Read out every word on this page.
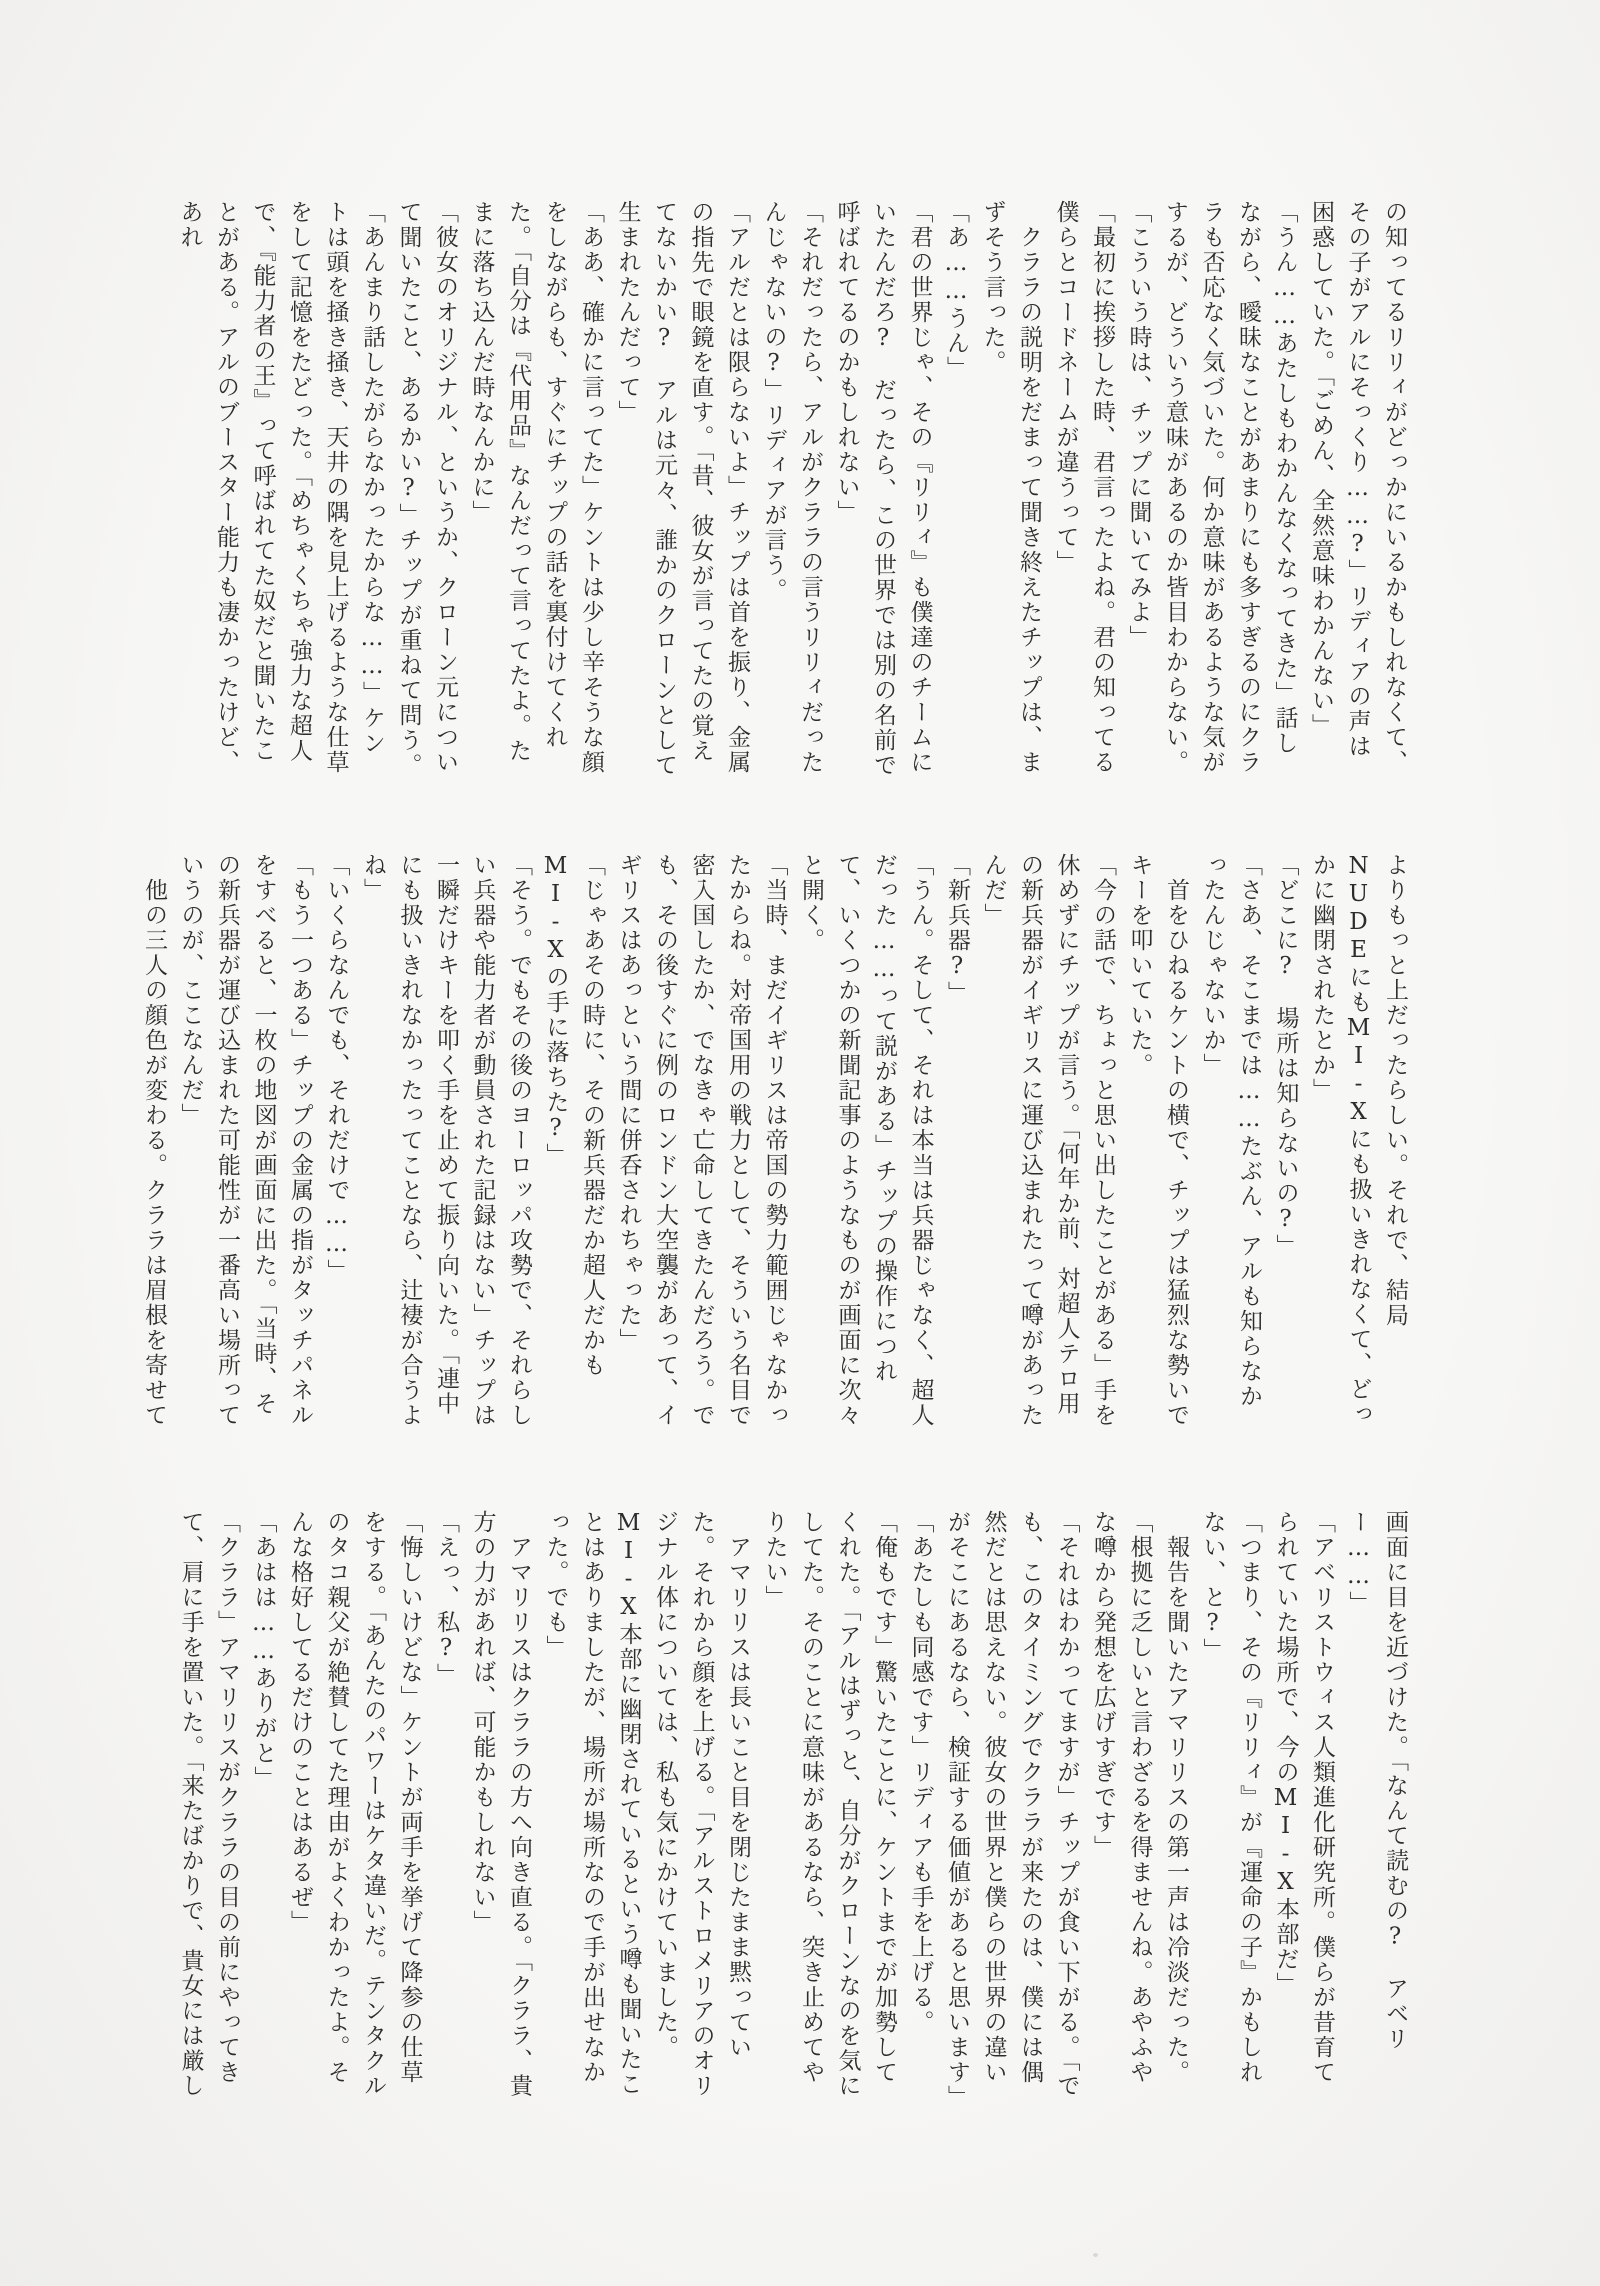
の知ってるリリィがどっかにいるかもしれなくて、その子がアルにそっくり……?」リディアの声は困惑していた。「ごめん、全然意味わかんない」

「うん……あたしもわかんなくなってきた」話しながら、曖昧なことがあまりにも多すぎるのにクララも否応なく気づいた。何か意味があるような気がするが、どういう意味があるのか皆目わからない。

「こういう時は、チップに聞いてみよ」

「最初に挨拶した時、君言ったよね。君の知ってる僕らとコードネームが違うって」

　クララの説明をだまって聞き終えたチップは、まずそう言った。

「あ……うん」

「君の世界じゃ、その『リリィ』も僕達のチームにいたんだろ?　だったら、この世界では別の名前で呼ばれてるのかもしれない」

「それだったら、アルがクララの言うリリィだったんじゃないの?」リディアが言う。

「アルだとは限らないよ」チップは首を振り、金属の指先で眼鏡を直す。「昔、彼女が言ってたの覚えてないかい?　アルは元々、誰かのクローンとして生まれたんだって」

「ああ、確かに言ってた」ケントは少し辛そうな顔をしながらも、すぐにチップの話を裏付けてくれた。「自分は『代用品』なんだって言ってたよ。たまに落ち込んだ時なんかに」

「彼女のオリジナル、というか、クローン元について聞いたこと、あるかい?」チップが重ねて問う。

「あんまり話したがらなかったからな……」ケントは頭を掻き掻き、天井の隅を見上げるような仕草をして記憶をたどった。「めちゃくちゃ強力な超人で、『能力者の王』って呼ばれてた奴だと聞いたことがある。アルのブースター能力も凄かったけど、あれ

よりもっと上だったらしい。それで、結局NUDEにもMI-Xにも扱いきれなくて、どっかに幽閉されたとか」

「どこに?　場所は知らないの?」

「さあ、そこまでは……たぶん、アルも知らなかったんじゃないか」

　首をひねるケントの横で、チップは猛烈な勢いでキーを叩いていた。

「今の話で、ちょっと思い出したことがある」手を休めずにチップが言う。「何年か前、対超人テロ用の新兵器がイギリスに運び込まれたって噂があったんだ」

「新兵器?」

「うん。そして、それは本当は兵器じゃなく、超人だった……って説がある」チップの操作につれて、いくつかの新聞記事のようなものが画面に次々と開く。

「当時、まだイギリスは帝国の勢力範囲じゃなかったからね。対帝国用の戦力として、そういう名目で密入国したか、でなきゃ亡命してきたんだろう。でも、その後すぐに例のロンドン大空襲があって、イギリスはあっという間に併呑されちゃった」

「じゃあその時に、その新兵器だか超人だかもMI-Xの手に落ちた?」

「そう。でもその後のヨーロッパ攻勢で、それらしい兵器や能力者が動員された記録はない」チップは一瞬だけキーを叩く手を止めて振り向いた。「連中にも扱いきれなかったってことなら、辻褄が合うよね」

「いくらなんでも、それだけで……」

「もう一つある」チップの金属の指がタッチパネルをすべると、一枚の地図が画面に出た。「当時、その新兵器が運び込まれた可能性が一番高い場所っていうのが、ここなんだ」

　他の三人の顔色が変わる。クララは眉根を寄せて

画面に目を近づけた。「なんて読むの?　アベリー……」

「アベリストウィス人類進化研究所。僕らが昔育てられていた場所で、今のMI-X本部だ」

「つまり、その『リリィ』が『運命の子』かもしれない、と?」

　報告を聞いたアマリリスの第一声は冷淡だった。

「根拠に乏しいと言わざるを得ませんね。あやふやな噂から発想を広げすぎです」

「それはわかってますが」チップが食い下がる。「でも、このタイミングでクララが来たのは、僕には偶然だとは思えない。彼女の世界と僕らの世界の違いがそこにあるなら、検証する価値があると思います」

「あたしも同感です」リディアも手を上げる。

「俺もです」驚いたことに、ケントまでが加勢してくれた。「アルはずっと、自分がクローンなのを気にしてた。そのことに意味があるなら、突き止めてやりたい」

　アマリリスは長いこと目を閉じたまま黙っていた。それから顔を上げる。「アルストロメリアのオリジナル体については、私も気にかけていました。MI-X本部に幽閉されているという噂も聞いたことはありましたが、場所が場所なので手が出せなかった。でも」

　アマリリスはクララの方へ向き直る。「クララ、貴方の力があれば、可能かもしれない」

「えっ、私?」

「悔しいけどな」ケントが両手を挙げて降参の仕草をする。「あんたのパワーはケタ違いだ。テンタクルのタコ親父が絶賛してた理由がよくわかったよ。そんな格好してるだけのことはあるぜ」

「あはは……ありがと」

「クララ」アマリリスがクララの目の前にやってきて、肩に手を置いた。「来たばかりで、貴女には厳し
